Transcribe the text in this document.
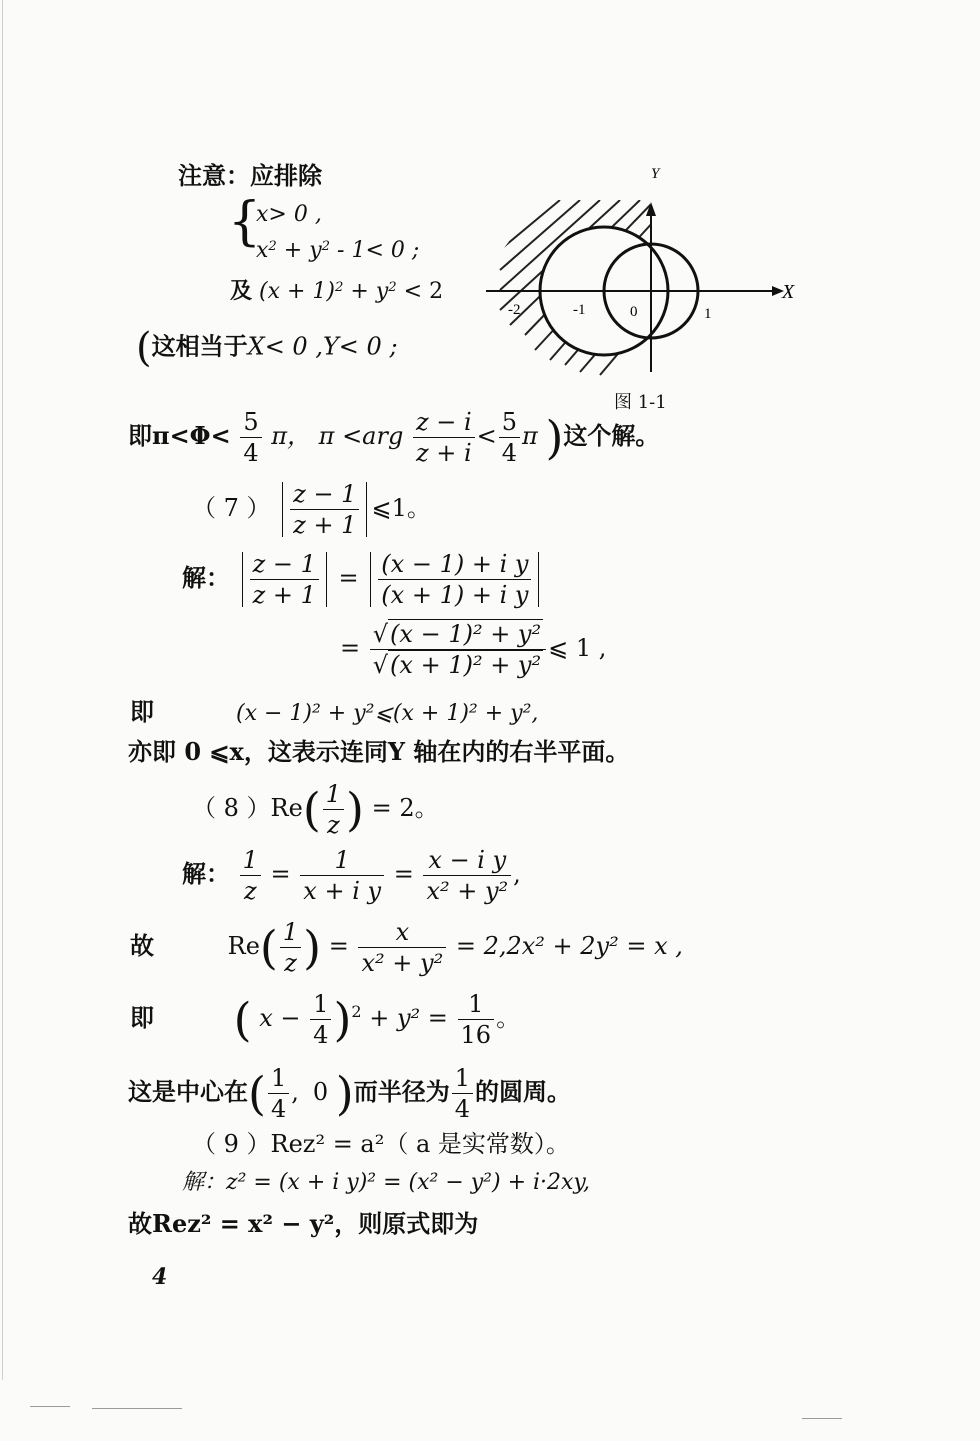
注意：应排除
{
x> 0 ,
$x^2 + y^2 - 1< 0$ ;
及 $(x + 1)^2 + y^2 < 2$
(这相当于X< 0 ,Y< 0 ;
X
Y
-2	-1	0	1
图 1-1
即$\pi<\Phi< \frac{5}{4}$ π， $\pi <arg \frac{z - i}{z + i} < \frac{5}{4}$ π )这个解。
（ 7 ） $\frac{z - 1}{z + 1}$ ⩽1。
解： $\frac{z - 1}{z + 1} = \frac{\text{(x − 1) + i y}}{\text{(x + 1) + i y}}$
= $\frac{\text{√(x − 1)² + y²}}{\text{√(x + 1)² + y²}}$ ⩽ 1 ,
即	(x − 1)² + y²⩽(x + 1)² + y²,
亦即 0 ⩽x，这表示连同Y 轴在内的右半平面。
（ 8 ）$Re( \frac{1}{z}$ ) = 2。
解： $\frac{1}{z} = \frac{1}{\text{x + i y}} = \frac{\text{x − i y}}{\text{x² + y²}}$ ,
故	$Re( \frac{1}{z}$ ) = $\frac{x}{\text{x² + y²}} = 2,2x^2 + 2y^2 = x$ ,
即 ( $x - \frac{1}{4} )^2 + y^2 = \frac{1}{16}$ 。
这是中心在( $\frac{1}{4}$ , 0 )而半径为 $\frac{1}{4}$ 的圆周。
（ 9 ）Rez² = a²（ a 是实常数）。
解：z² = (x + i y)² = (x² − y²) + i·2xy,
故Rez² = x² − y²，则原式即为
4
